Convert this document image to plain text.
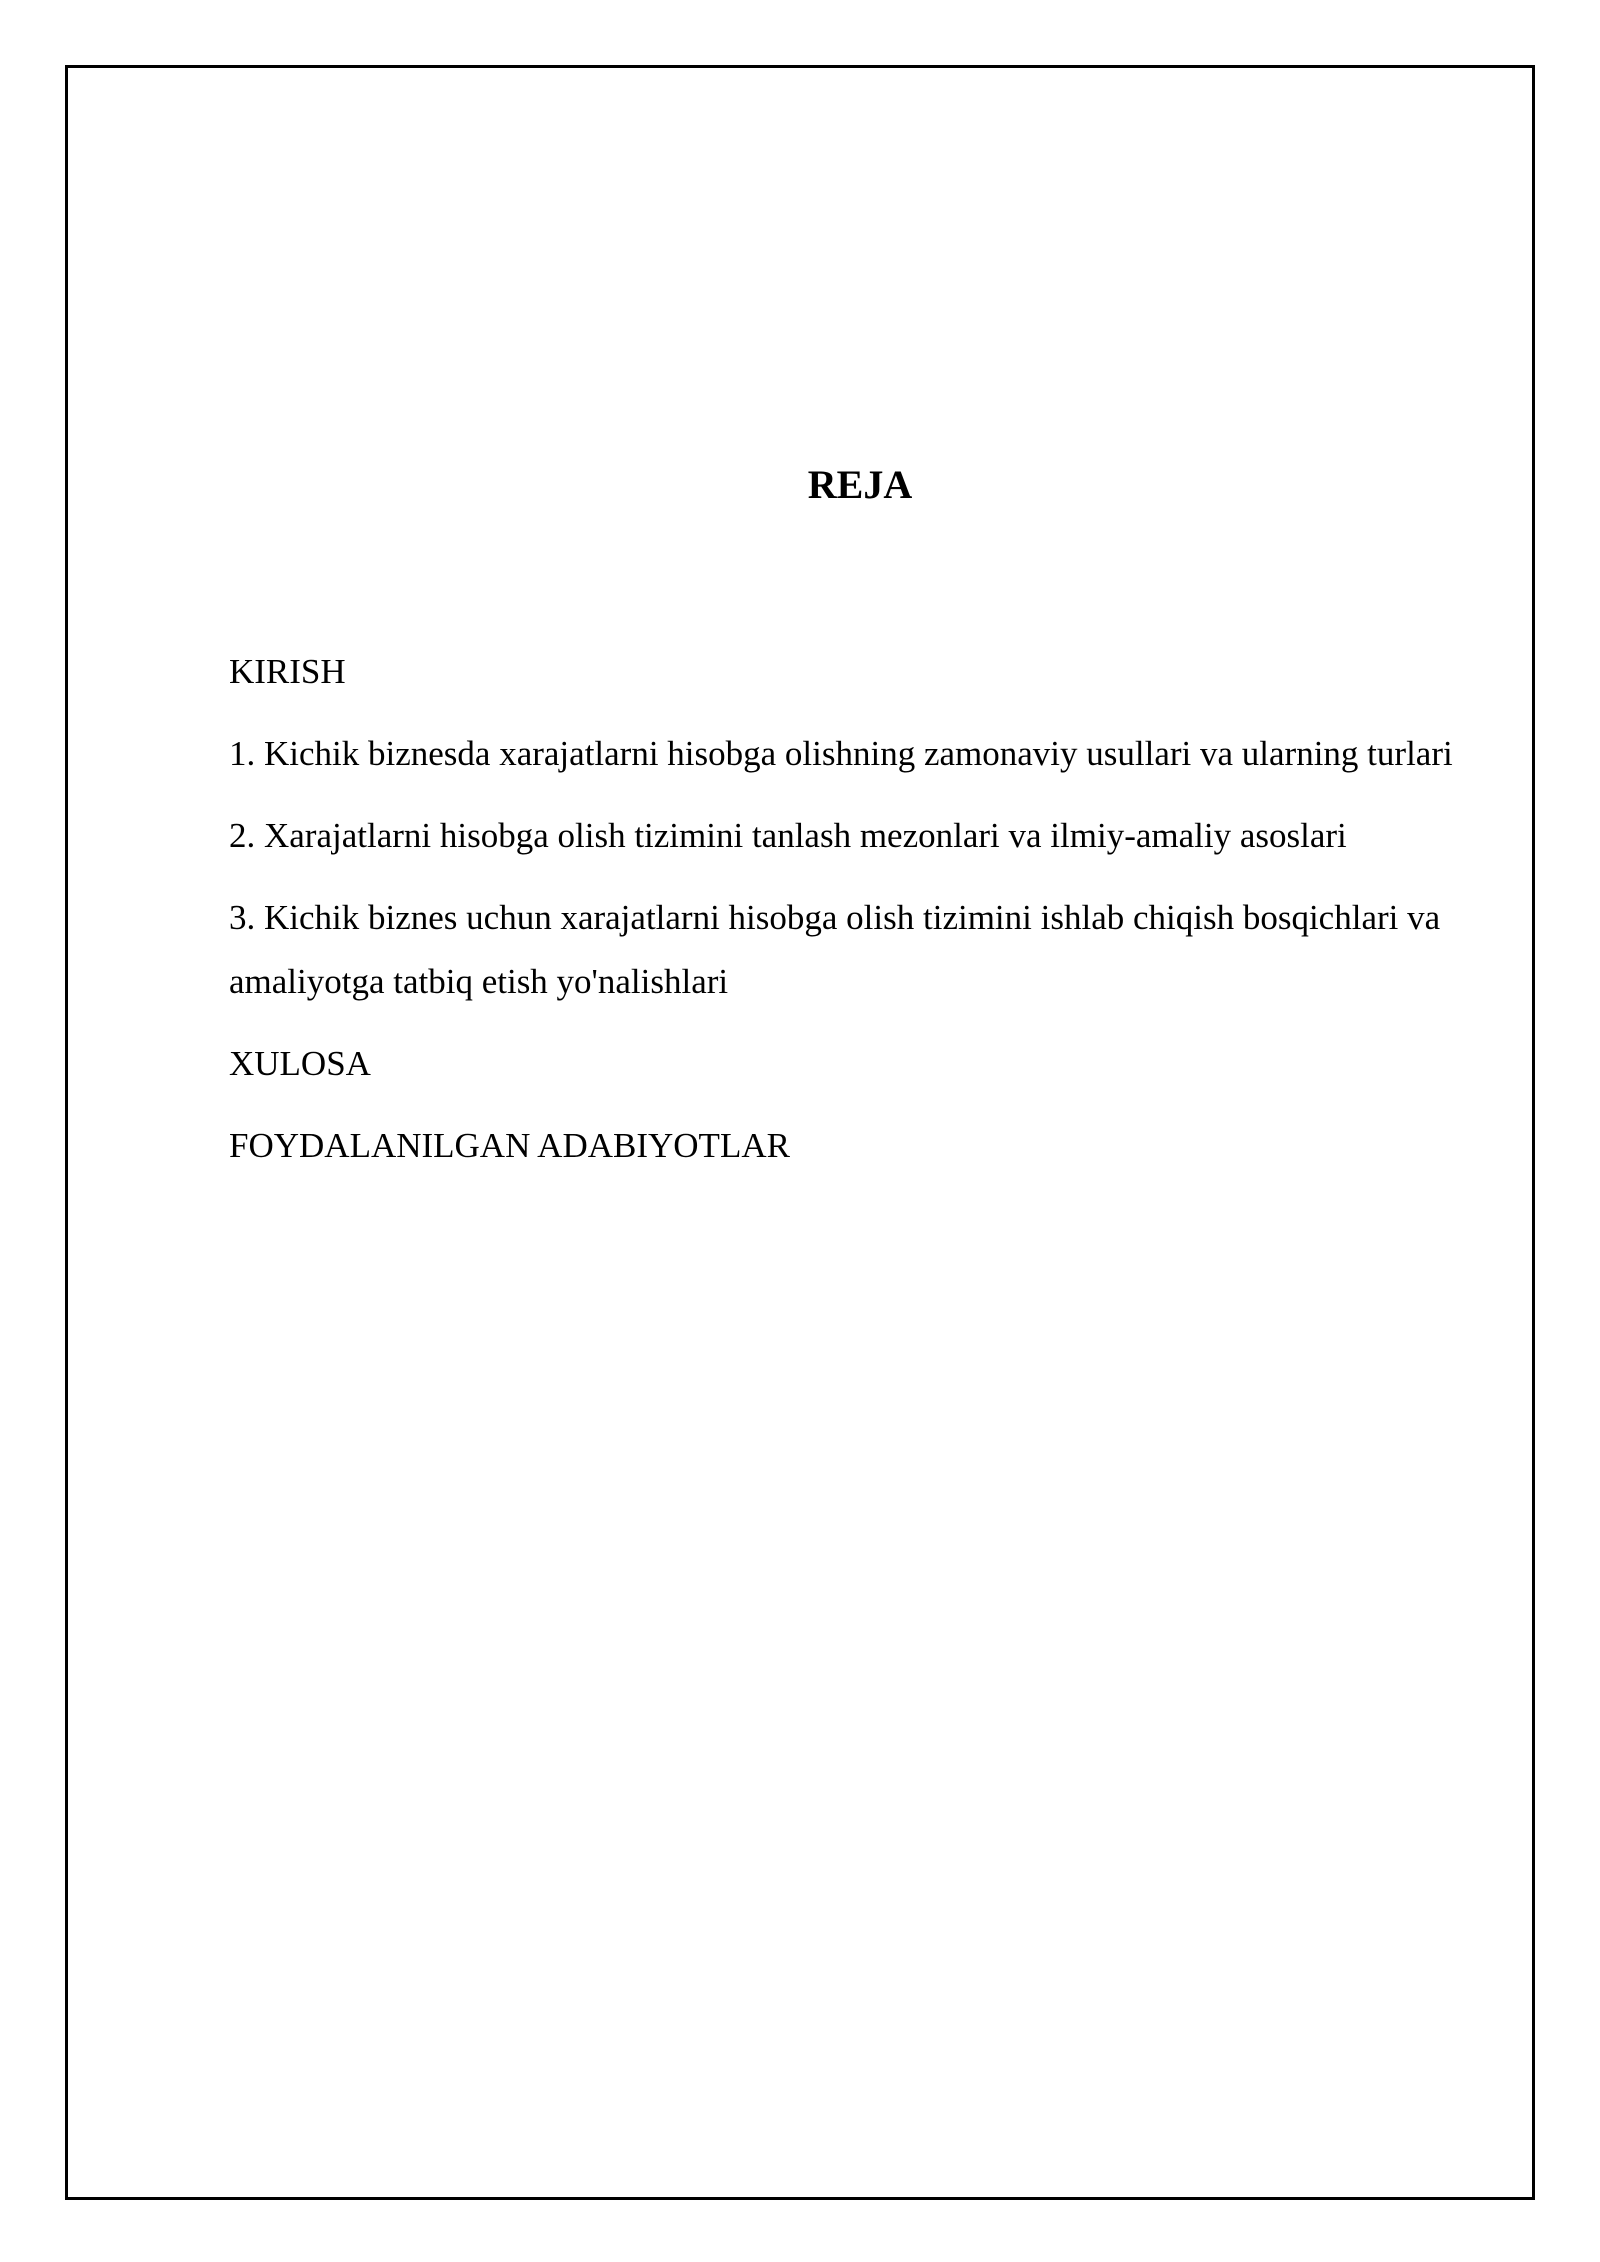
REJA
KIRISH
1. Kichik biznesda xarajatlarni hisobga olishning zamonaviy usullari va ularning turlari
2. Xarajatlarni hisobga olish tizimini tanlash mezonlari va ilmiy-amaliy asoslari
3. Kichik biznes uchun xarajatlarni hisobga olish tizimini ishlab chiqish bosqichlari va amaliyotga tatbiq etish yo'nalishlari
XULOSA
FOYDALANILGAN ADABIYOTLAR
